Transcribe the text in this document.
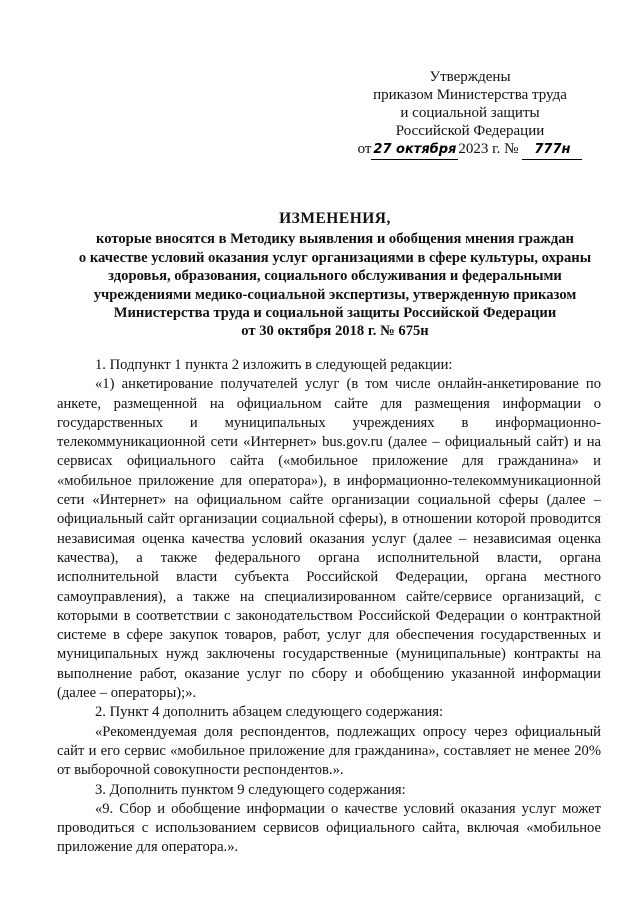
Утверждены
приказом Министерства труда
и социальной защиты
Российской Федерации
от 27 октября 2023 г. №	777н
ИЗМЕНЕНИЯ,
которые вносятся в Методику выявления и обобщения мнения граждан
о качестве условий оказания услуг организациями в сфере культуры, охраны
здоровья, образования, социального обслуживания и федеральными
учреждениями медико-социальной экспертизы, утвержденную приказом
Министерства труда и социальной защиты Российской Федерации
от 30 октября 2018 г. № 675н

1. Подпункт 1 пункта 2 изложить в следующей редакции:

«1) анкетирование получателей услуг (в том числе онлайн-анкетирование по анкете, размещенной на официальном сайте для размещения информации о государственных и муниципальных учреждениях в информационно-телекоммуникационной сети «Интернет» bus.gov.ru (далее – официальный сайт) и на сервисах официального сайта («мобильное приложение для гражданина» и «мобильное приложение для оператора»), в информационно-телекоммуникационной сети «Интернет» на официальном сайте организации социальной сферы (далее – официальный сайт организации социальной сферы), в отношении которой проводится независимая оценка качества условий оказания услуг (далее – независимая оценка качества), а также федерального органа исполнительной власти, органа исполнительной власти субъекта Российской Федерации, органа местного самоуправления), а также на специализированном сайте/сервисе организаций, с которыми в соответствии с законодательством Российской Федерации о контрактной системе в сфере закупок товаров, работ, услуг для обеспечения государственных и муниципальных нужд заключены государственные (муниципальные) контракты на выполнение работ, оказание услуг по сбору и обобщению указанной информации (далее – операторы);».

2. Пункт 4 дополнить абзацем следующего содержания:

«Рекомендуемая доля респондентов, подлежащих опросу через официальный сайт и его сервис «мобильное приложение для гражданина», составляет не менее 20% от выборочной совокупности респондентов.».

3. Дополнить пунктом 9 следующего содержания:

«9. Сбор и обобщение информации о качестве условий оказания услуг может проводиться с использованием сервисов официального сайта, включая «мобильное приложение для оператора.».
